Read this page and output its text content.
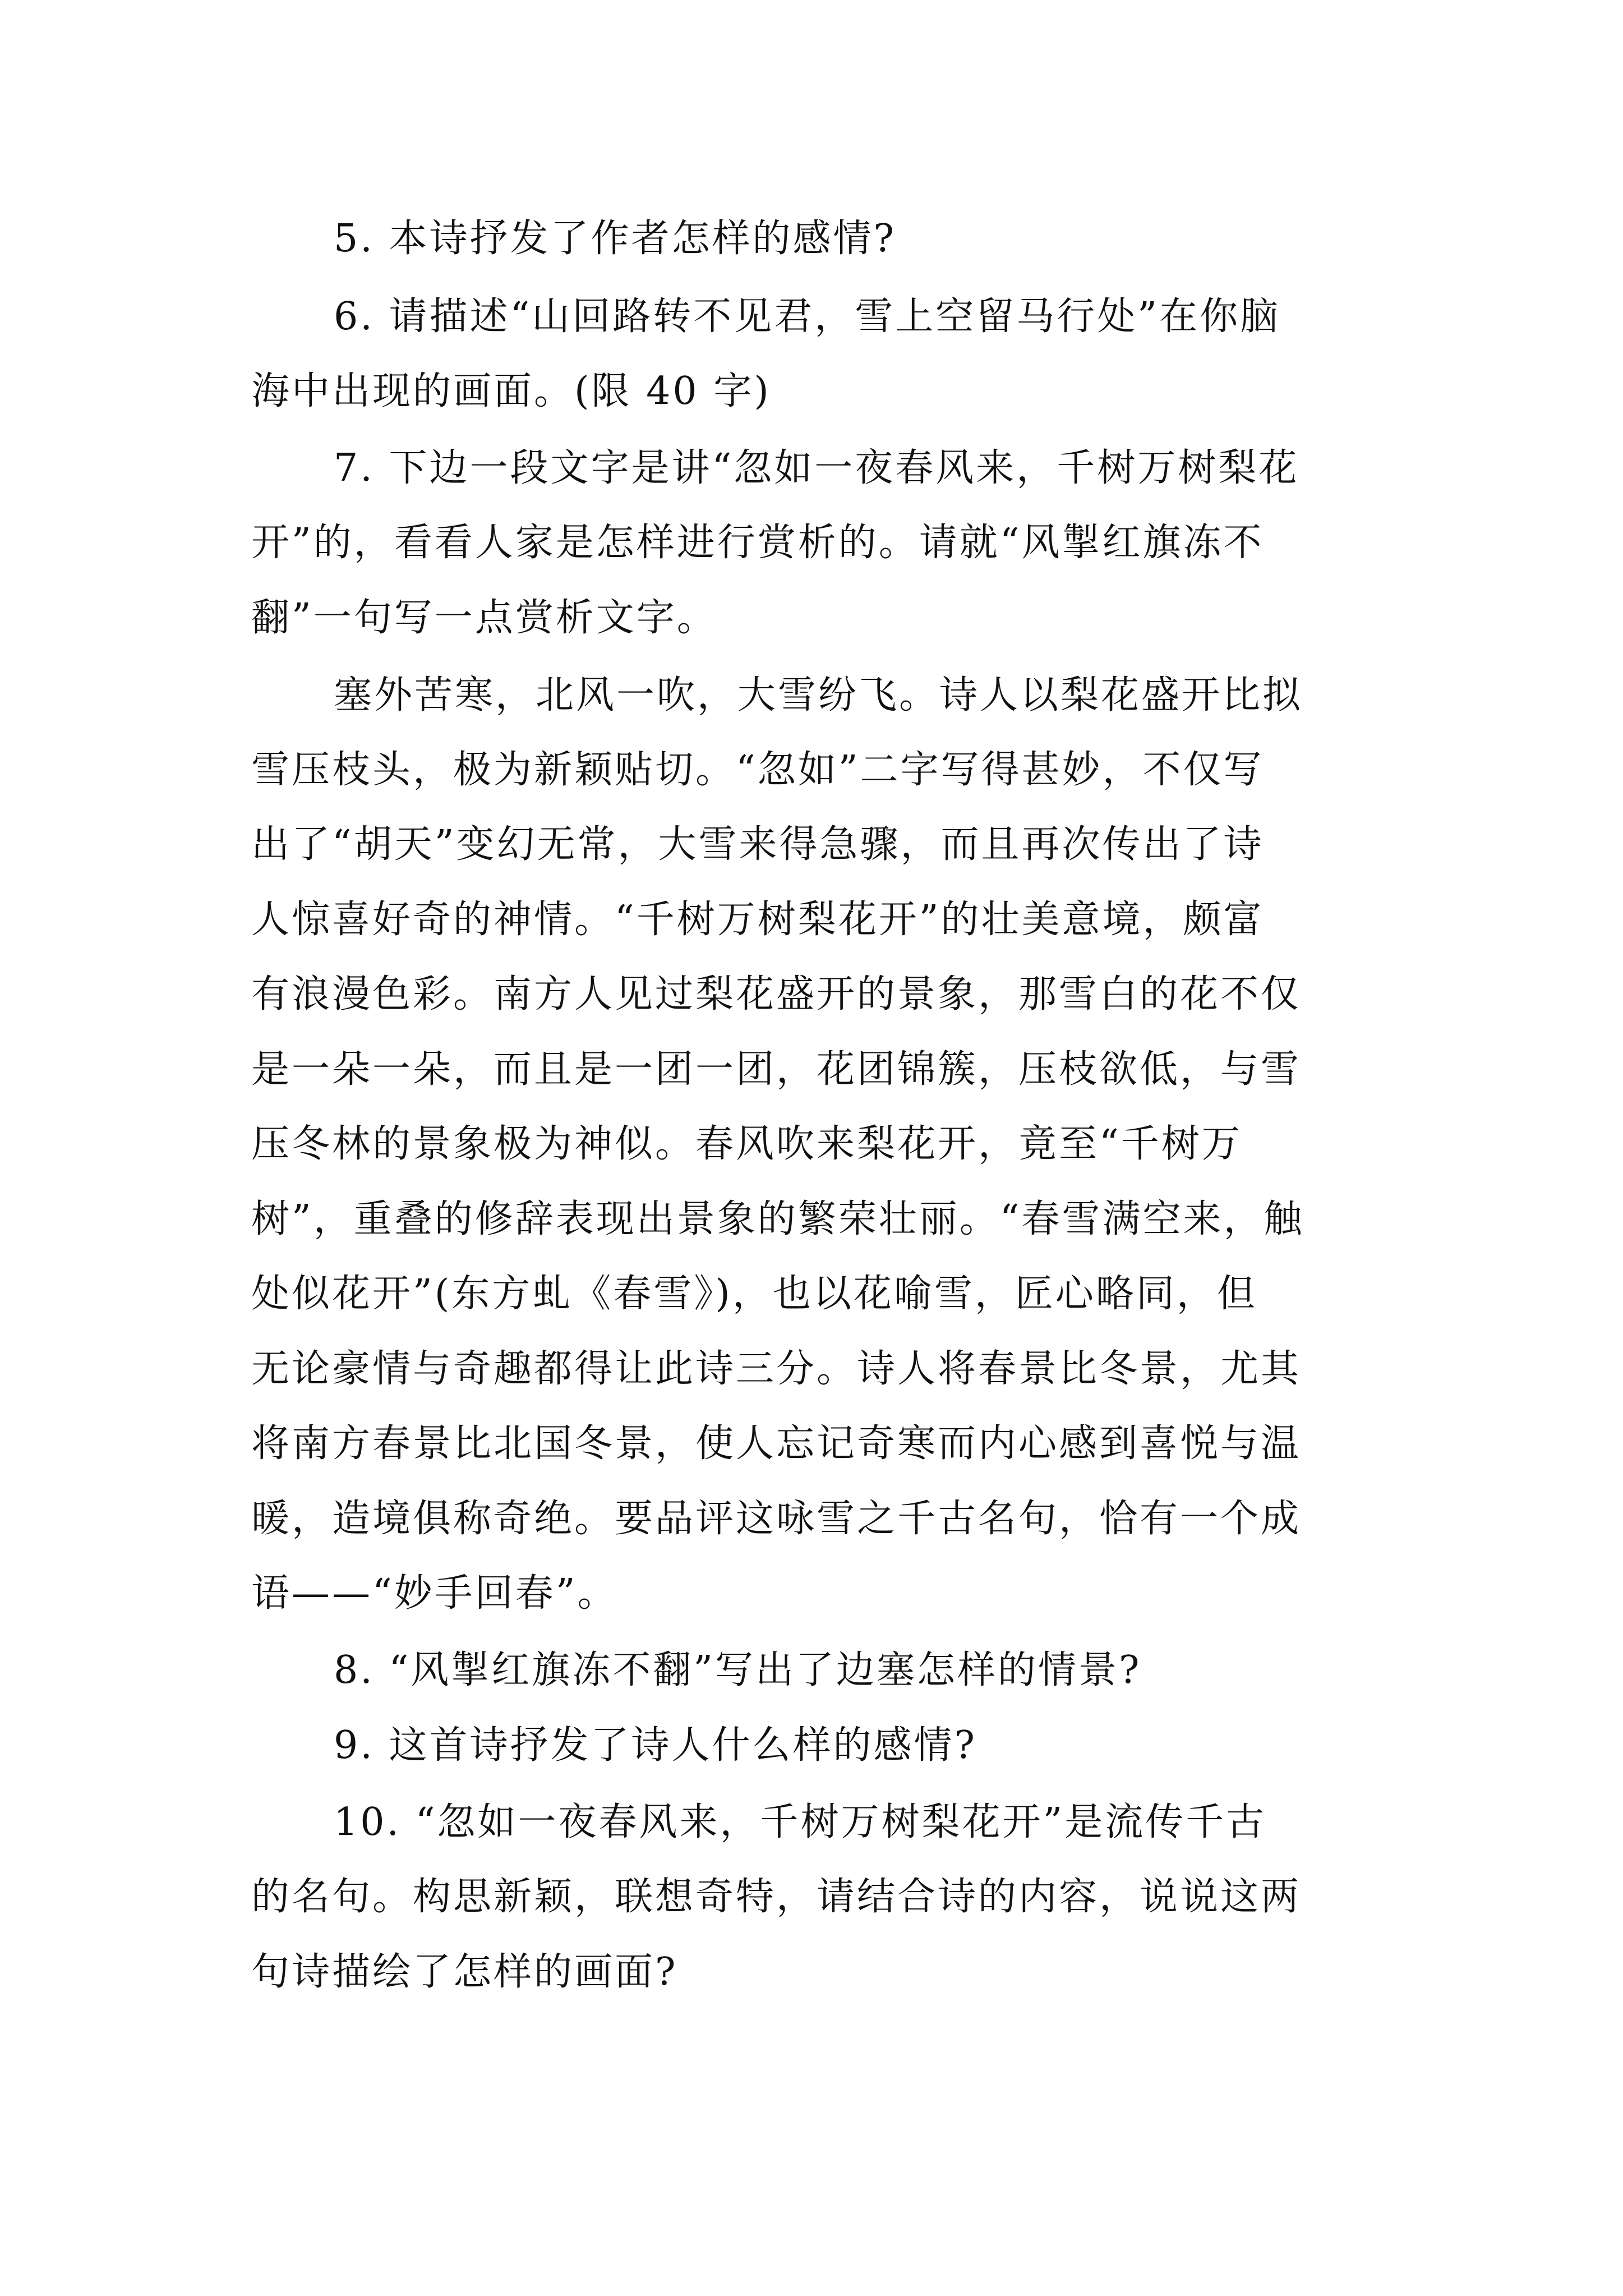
5. 本诗抒发了作者怎样的感情?
6. 请描述“山回路转不见君，雪上空留马行处”在你脑
海中出现的画面。(限 40 字)
7. 下边一段文字是讲“忽如一夜春风来，千树万树梨花
开”的，看看人家是怎样进行赏析的。请就“风掣红旗冻不
翻”一句写一点赏析文字。
塞外苦寒，北风一吹，大雪纷飞。诗人以梨花盛开比拟
雪压枝头，极为新颖贴切。“忽如”二字写得甚妙，不仅写
出了“胡天”变幻无常，大雪来得急骤，而且再次传出了诗
人惊喜好奇的神情。“千树万树梨花开”的壮美意境，颇富
有浪漫色彩。南方人见过梨花盛开的景象，那雪白的花不仅
是一朵一朵，而且是一团一团，花团锦簇，压枝欲低，与雪
压冬林的景象极为神似。春风吹来梨花开，竟至“千树万
树”，重叠的修辞表现出景象的繁荣壮丽。“春雪满空来，触
处似花开”(东方虬《春雪》)，也以花喻雪，匠心略同，但
无论豪情与奇趣都得让此诗三分。诗人将春景比冬景，尤其
将南方春景比北国冬景，使人忘记奇寒而内心感到喜悦与温
暖，造境俱称奇绝。要品评这咏雪之千古名句，恰有一个成
语——“妙手回春”。
8. “风掣红旗冻不翻”写出了边塞怎样的情景?
9. 这首诗抒发了诗人什么样的感情?
10. “忽如一夜春风来，千树万树梨花开”是流传千古
的名句。构思新颖，联想奇特，请结合诗的内容，说说这两
句诗描绘了怎样的画面?
